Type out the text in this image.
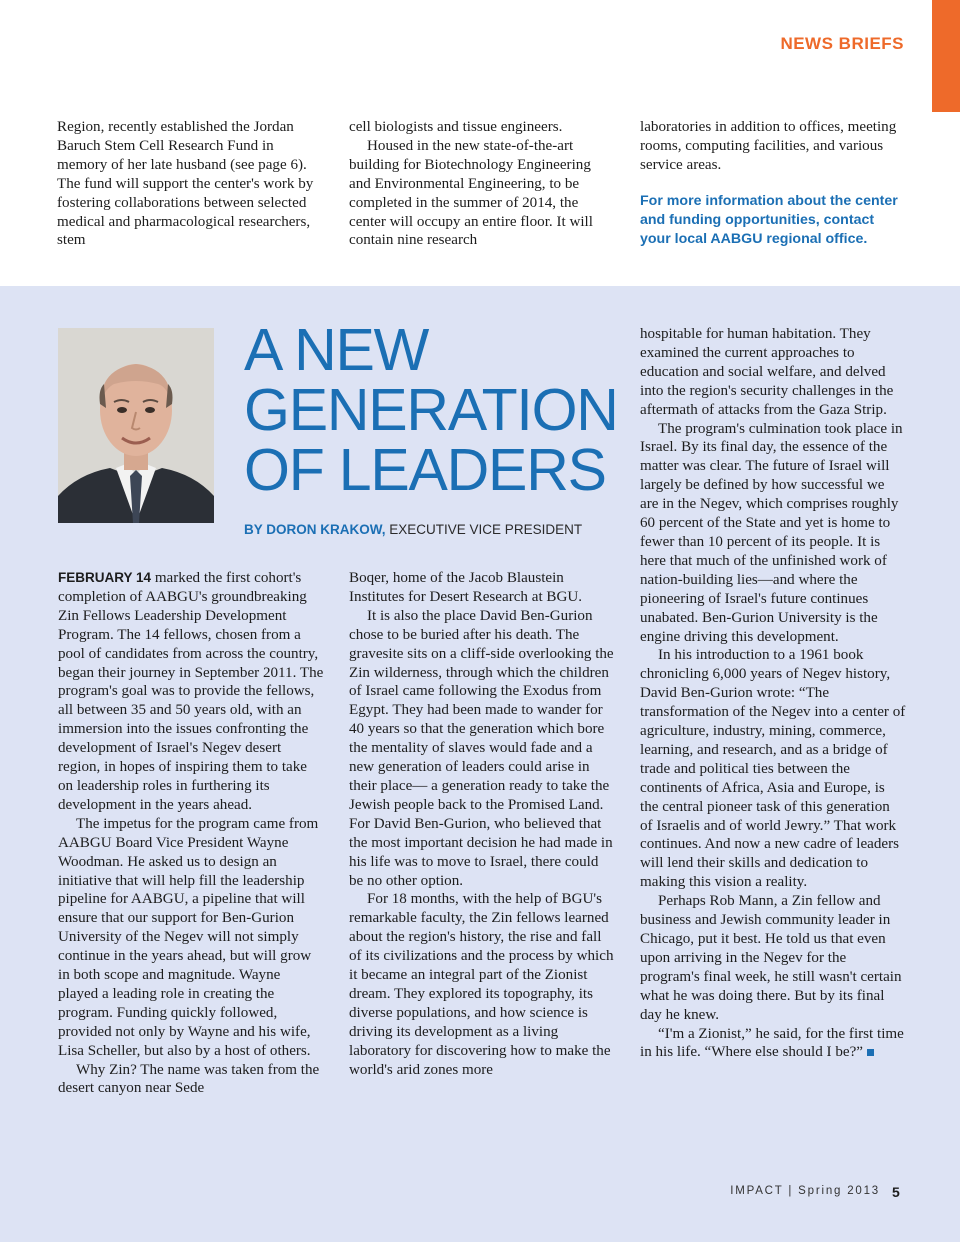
NEWS BRIEFS

Region, recently established the Jordan Baruch Stem Cell Research Fund in memory of her late husband (see page 6). The fund will support the center's work by fostering collaborations between selected medical and pharmacological researchers, stem

cell biologists and tissue engineers.

Housed in the new state-of-the-art building for Biotechnology Engineering and Environmental Engineering, to be completed in the summer of 2014, the center will occupy an entire floor. It will contain nine research

laboratories in addition to offices, meeting rooms, computing facilities, and various service areas.

For more information about the center and funding opportunities, contact your local AABGU regional office.

A NEW
GENERATION
OF LEADERS
BY DORON KRAKOW, EXECUTIVE VICE PRESIDENT

FEBRUARY 14 marked the first cohort's completion of AABGU's groundbreaking Zin Fellows Leadership Development Program. The 14 fellows, chosen from a pool of candidates from across the country, began their journey in September 2011. The program's goal was to provide the fellows, all between 35 and 50 years old, with an immersion into the issues confronting the development of Israel's Negev desert region, in hopes of inspiring them to take on leadership roles in furthering its development in the years ahead.

The impetus for the program came from AABGU Board Vice President Wayne Woodman. He asked us to design an initiative that will help fill the leadership pipeline for AABGU, a pipeline that will ensure that our support for Ben-Gurion University of the Negev will not simply continue in the years ahead, but will grow in both scope and magnitude. Wayne played a leading role in creating the program. Funding quickly followed, provided not only by Wayne and his wife, Lisa Scheller, but also by a host of others.

Why Zin? The name was taken from the desert canyon near Sede

Boqer, home of the Jacob Blaustein Institutes for Desert Research at BGU.

It is also the place David Ben-Gurion chose to be buried after his death. The gravesite sits on a cliff-side overlooking the Zin wilderness, through which the children of Israel came following the Exodus from Egypt. They had been made to wander for 40 years so that the generation which bore the mentality of slaves would fade and a new generation of leaders could arise in their place— a generation ready to take the Jewish people back to the Promised Land. For David Ben-Gurion, who believed that the most important decision he had made in his life was to move to Israel, there could be no other option.

For 18 months, with the help of BGU's remarkable faculty, the Zin fellows learned about the region's history, the rise and fall of its civilizations and the process by which it became an integral part of the Zionist dream. They explored its topography, its diverse populations, and how science is driving its development as a living laboratory for discovering how to make the world's arid zones more

hospitable for human habitation. They examined the current approaches to education and social welfare, and delved into the region's security challenges in the aftermath of attacks from the Gaza Strip.

The program's culmination took place in Israel. By its final day, the essence of the matter was clear. The future of Israel will largely be defined by how successful we are in the Negev, which comprises roughly 60 percent of the State and yet is home to fewer than 10 percent of its people. It is here that much of the unfinished work of nation-building lies—and where the pioneering of Israel's future continues unabated. Ben-Gurion University is the engine driving this development.

In his introduction to a 1961 book chronicling 6,000 years of Negev history, David Ben-Gurion wrote: “The transformation of the Negev into a center of agriculture, industry, mining, commerce, learning, and research, and as a bridge of trade and political ties between the continents of Africa, Asia and Europe, is the central pioneer task of this generation of Israelis and of world Jewry.” That work continues. And now a new cadre of leaders will lend their skills and dedication to making this vision a reality.

Perhaps Rob Mann, a Zin fellow and business and Jewish community leader in Chicago, put it best. He told us that even upon arriving in the Negev for the program's final week, he still wasn't certain what he was doing there. But by its final day he knew.

“I'm a Zionist,” he said, for the first time in his life. “Where else should I be?”

IMPACT | Spring 2013 5
